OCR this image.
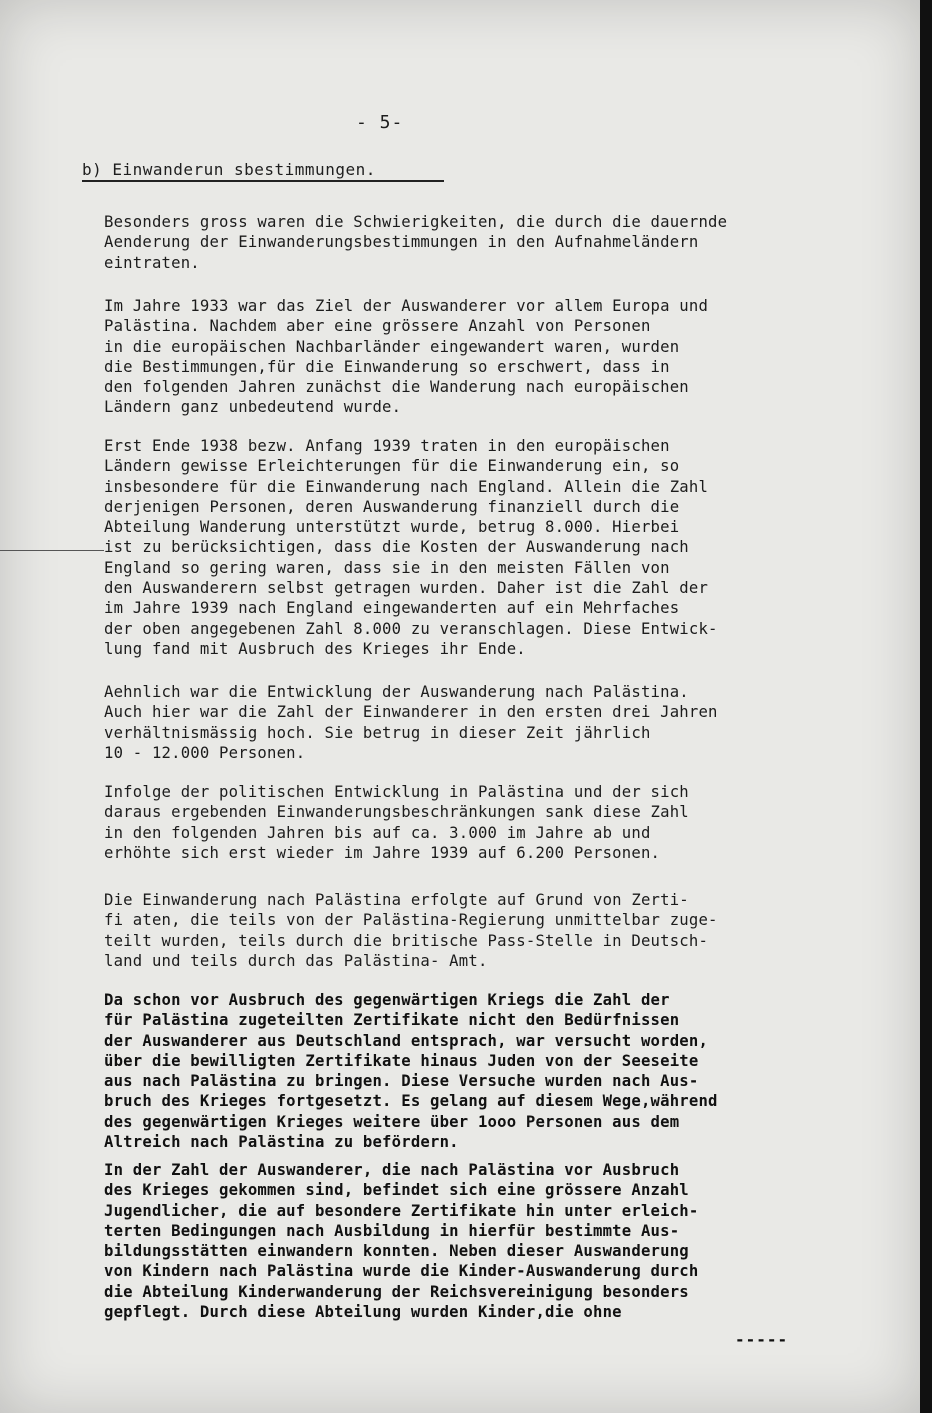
- 5-
b) Einwanderun sbestimmungen.
Besonders gross waren die Schwierigkeiten, die durch die dauernde
Aenderung der Einwanderungsbestimmungen in den Aufnahmeländern
eintraten.
Im Jahre 1933 war das Ziel der Auswanderer vor allem Europa und
Palästina. Nachdem aber eine grössere Anzahl von Personen
in die europäischen Nachbarländer eingewandert waren, wurden
die Bestimmungen,für die Einwanderung so erschwert, dass in
den folgenden Jahren zunächst die Wanderung nach europäischen
Ländern ganz unbedeutend wurde.
Erst Ende 1938 bezw. Anfang 1939 traten in den europäischen
Ländern gewisse Erleichterungen für die Einwanderung ein, so
insbesondere für die Einwanderung nach England. Allein die Zahl
derjenigen Personen, deren Auswanderung finanziell durch die
Abteilung Wanderung unterstützt wurde, betrug 8.000. Hierbei
ist zu berücksichtigen, dass die Kosten der Auswanderung nach
England so gering waren, dass sie in den meisten Fällen von
den Auswanderern selbst getragen wurden. Daher ist die Zahl der
im Jahre 1939 nach England eingewanderten auf ein Mehrfaches
der oben angegebenen Zahl 8.000 zu veranschlagen. Diese Entwick-
lung fand mit Ausbruch des Krieges ihr Ende.
Aehnlich war die Entwicklung der Auswanderung nach Palästina.
Auch hier war die Zahl der Einwanderer in den ersten drei Jahren
verhältnismässig hoch. Sie betrug in dieser Zeit jährlich
10 - 12.000 Personen.
Infolge der politischen Entwicklung in Palästina und der sich
daraus ergebenden Einwanderungsbeschränkungen sank diese Zahl
in den folgenden Jahren bis auf ca. 3.000 im Jahre ab und
erhöhte sich erst wieder im Jahre 1939 auf 6.200 Personen.
Die Einwanderung nach Palästina erfolgte auf Grund von Zerti-
fi aten, die teils von der Palästina-Regierung unmittelbar zuge-
teilt wurden, teils durch die britische Pass-Stelle in Deutsch-
land und teils durch das Palästina- Amt.
Da schon vor Ausbruch des gegenwärtigen Kriegs die Zahl der
für Palästina zugeteilten Zertifikate nicht den Bedürfnissen
der Auswanderer aus Deutschland entsprach, war versucht worden,
über die bewilligten Zertifikate hinaus Juden von der Seeseite
aus nach Palästina zu bringen. Diese Versuche wurden nach Aus-
bruch des Krieges fortgesetzt. Es gelang auf diesem Wege,während
des gegenwärtigen Krieges weitere über 1ooo Personen aus dem
Altreich nach Palästina zu befördern.
In der Zahl der Auswanderer, die nach Palästina vor Ausbruch
des Krieges gekommen sind, befindet sich eine grössere Anzahl
Jugendlicher, die auf besondere Zertifikate hin unter erleich-
terten Bedingungen nach Ausbildung in hierfür bestimmte Aus-
bildungsstätten einwandern konnten. Neben dieser Auswanderung
von Kindern nach Palästina wurde die Kinder-Auswanderung durch
die Abteilung Kinderwanderung der Reichsvereinigung besonders
gepflegt. Durch diese Abteilung wurden Kinder,die ohne
-----
